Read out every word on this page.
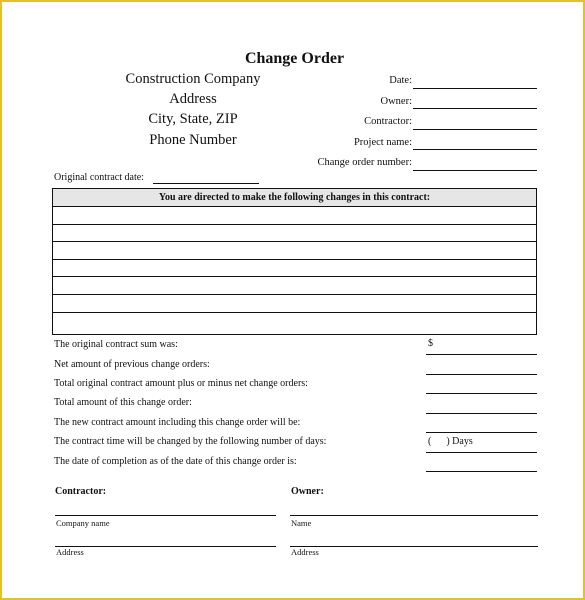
Change Order
Construction Company
Address
City, State, ZIP
Phone Number
Date:
Owner:
Contractor:
Project name:
Change order number:
Original contract date:
You are directed to make the following changes in this contract:
The original contract sum was:	$
Net amount of previous change orders:
Total original contract amount plus or minus net change orders:
Total amount of this change order:
The new contract amount including this change order will be:
The contract time will be changed by the following number of days:	(      ) Days
The date of completion as of the date of this change order is:
Contractor:
Company name
Address
Owner:
Name
Address
